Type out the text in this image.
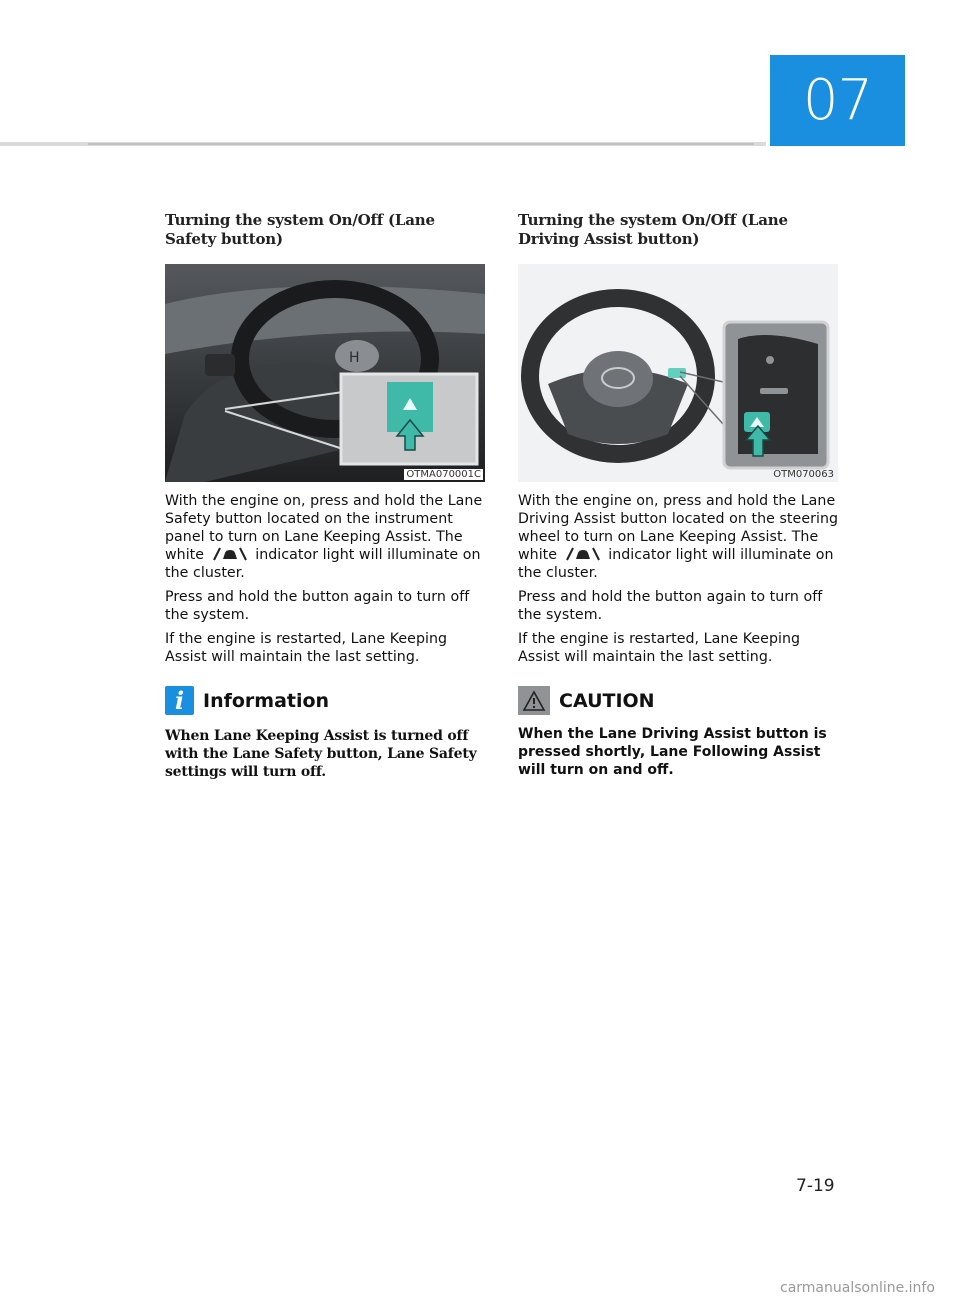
07
Turning the system On/Off (Lane Safety button)
H
OTMA070001C

With the engine on, press and hold the Lane Safety button located on the instrument panel to turn on Lane Keeping Assist. The white	indicator light will illuminate on the cluster.

Press and hold the button again to turn off the system.

If the engine is restarted, Lane Keeping Assist will maintain the last setting.

i Information
When Lane Keeping Assist is turned off with the Lane Safety button, Lane Safety settings will turn off.
Turning the system On/Off (Lane Driving Assist button)
OTM070063

With the engine on, press and hold the Lane Driving Assist button located on the steering wheel to turn on Lane Keeping Assist. The white	indicator light will illuminate on the cluster.

Press and hold the button again to turn off the system.

If the engine is restarted, Lane Keeping Assist will maintain the last setting.

CAUTION
When the Lane Driving Assist button is pressed shortly, Lane Following Assist will turn on and off.
7-19
carmanualsonline.info
